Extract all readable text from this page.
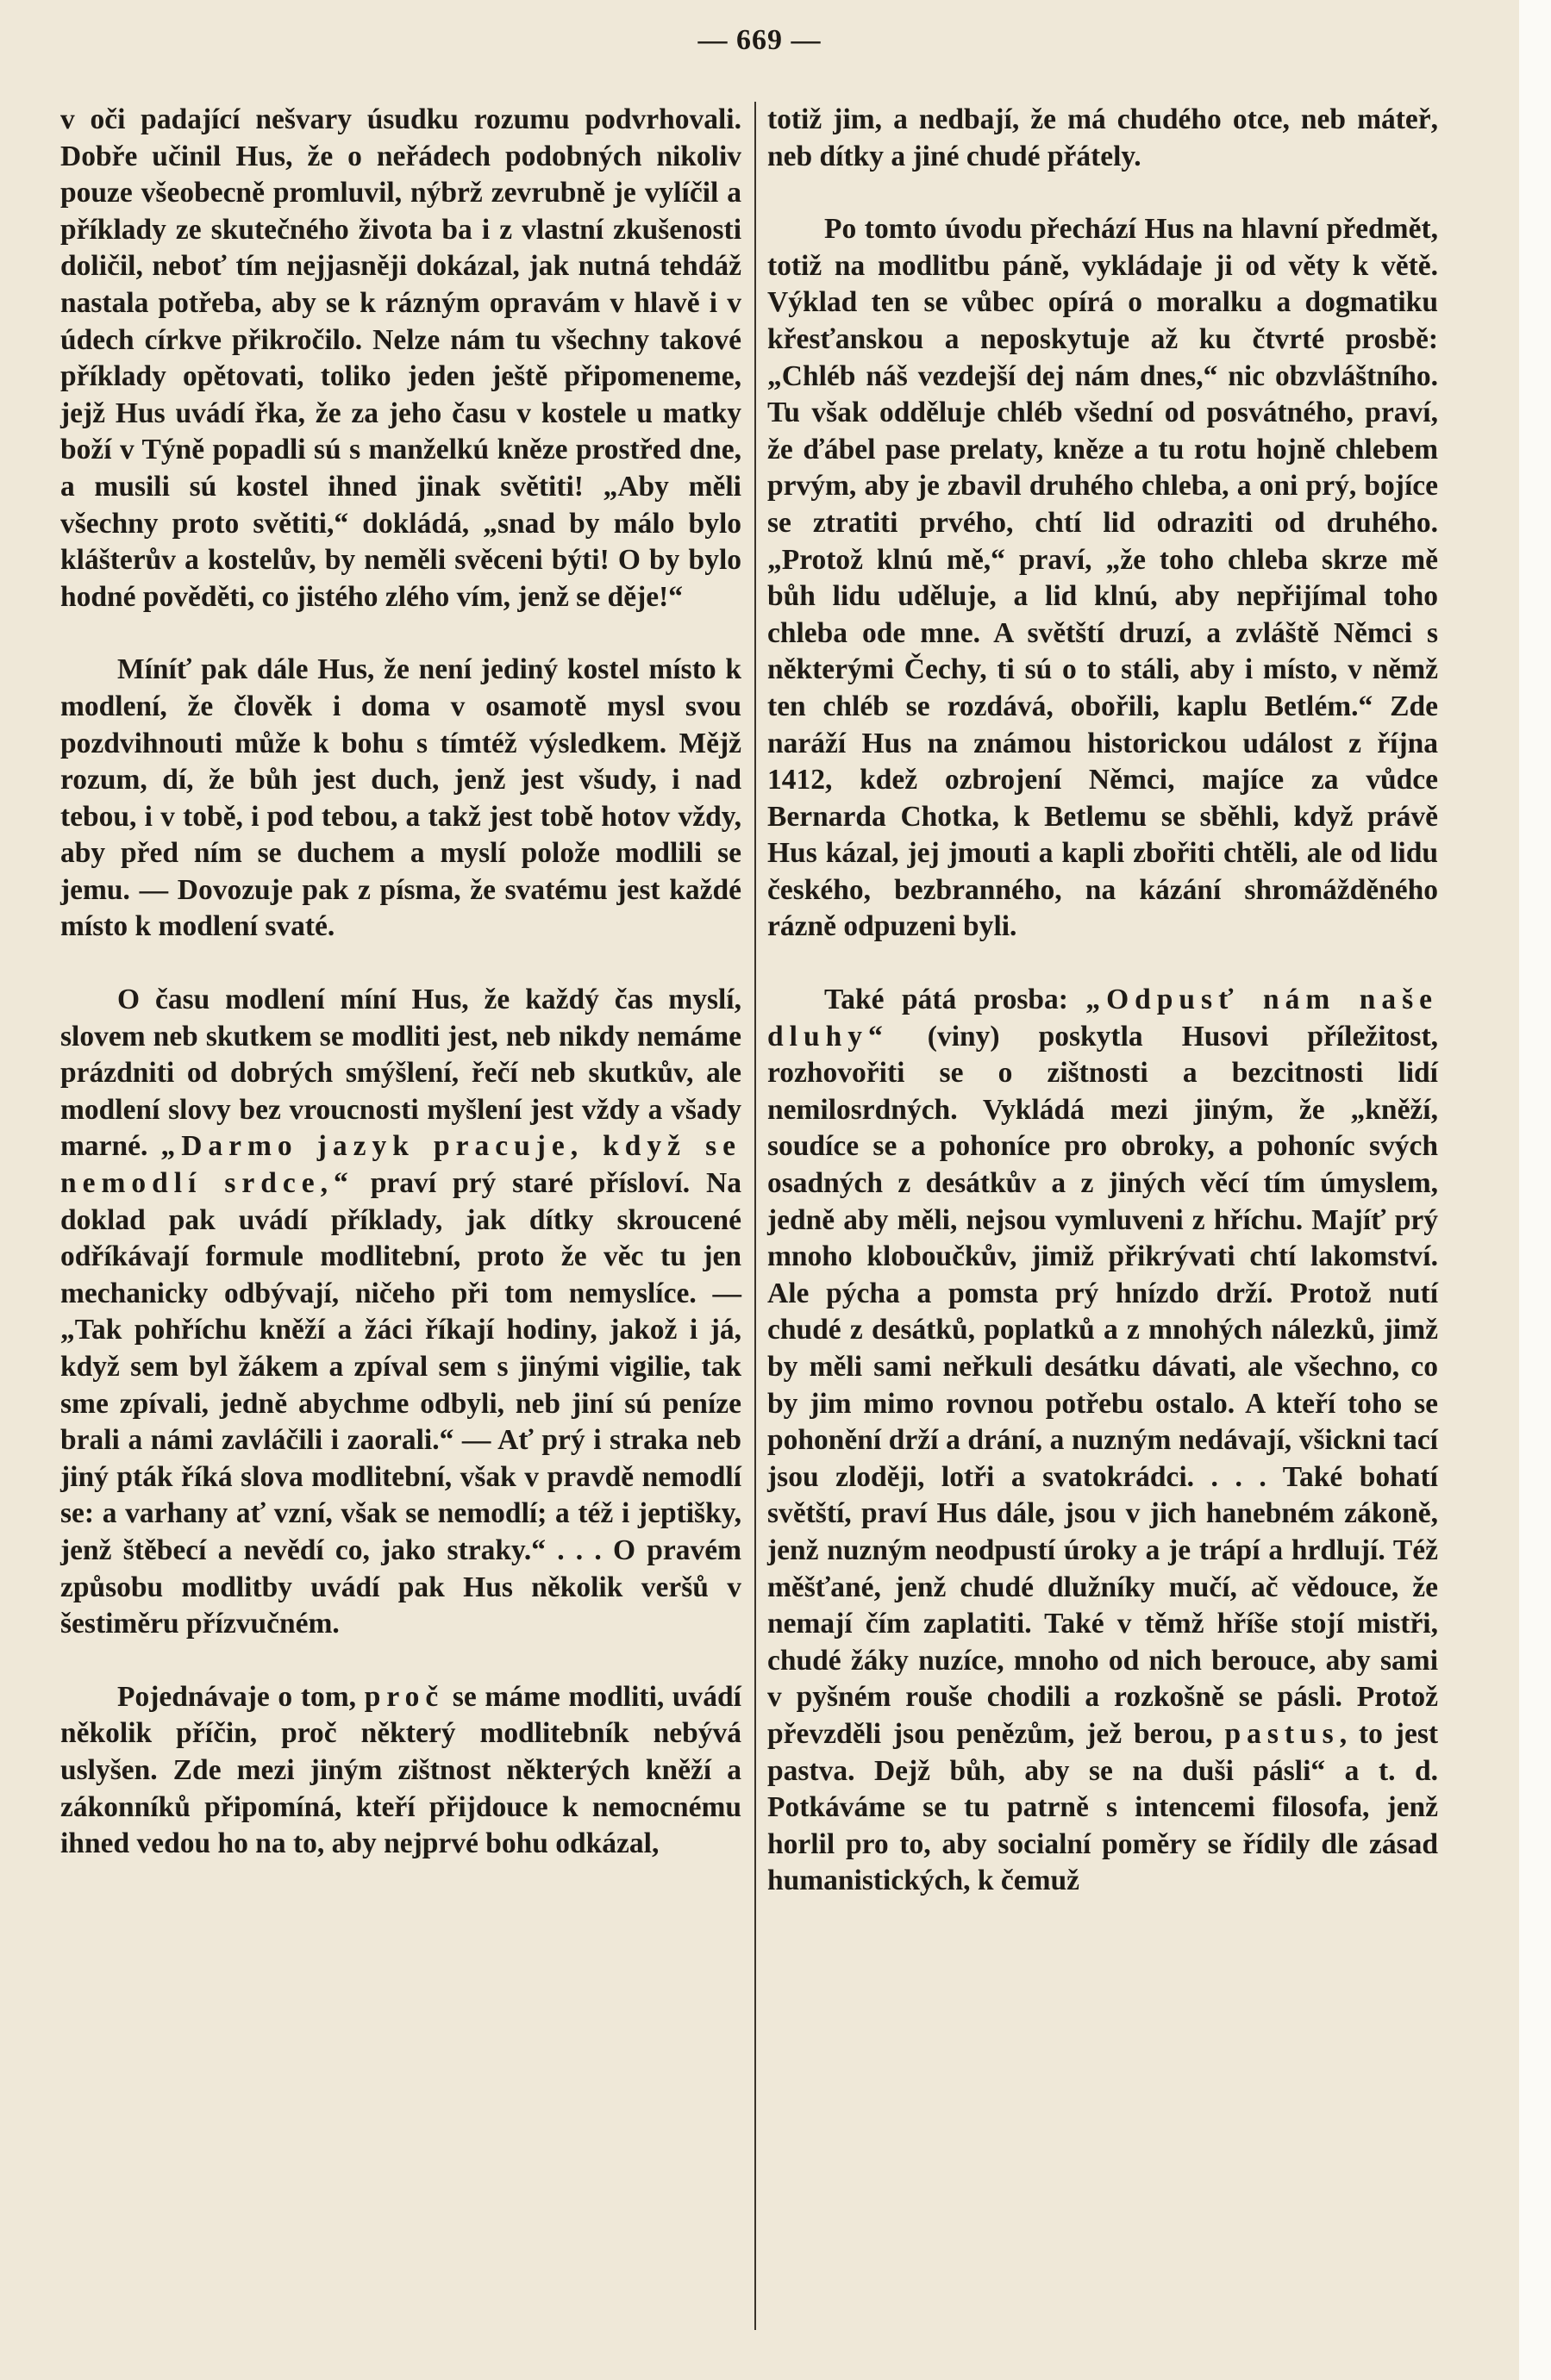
— 669 —

v oči padající nešvary úsudku rozumu podvrhovali. Dobře učinil Hus, že o neřádech podobných nikoliv pouze všeobecně promluvil, nýbrž zevrubně je vylíčil a příklady ze skutečného života ba i z vlastní zkušenosti doličil, neboť tím nejjasněji dokázal, jak nutná tehdáž nastala potřeba, aby se k rázným opravám v hlavě i v údech církve přikročilo. Nelze nám tu všechny takové příklady opětovati, toliko jeden ještě připomeneme, jejž Hus uvádí řka, že za jeho času v kostele u matky boží v Týně popadli sú s manželkú kněze prostřed dne, a musili sú kostel ihned jinak světiti! „Aby měli všechny proto světiti,“ dokládá, „snad by málo bylo klášterův a kostelův, by neměli svěceni býti! O by bylo hodné pověděti, co jistého zlého vím, jenž se děje!“

Míníť pak dále Hus, že není jediný kostel místo k modlení, že člověk i doma v osamotě mysl svou pozdvihnouti může k bohu s tímtéž výsledkem. Mějž rozum, dí, že bůh jest duch, jenž jest všudy, i nad tebou, i v tobě, i pod tebou, a takž jest tobě hotov vždy, aby před ním se duchem a myslí polože modlili se jemu. — Dovozuje pak z písma, že svatému jest každé místo k modlení svaté.

O času modlení míní Hus, že každý čas myslí, slovem neb skutkem se modliti jest, neb nikdy nemáme prázdniti od dobrých smýšlení, řečí neb skutkův, ale modlení slovy bez vroucnosti myšlení jest vždy a všady marné. „Darmo jazyk pracuje, když se nemodlí srdce,“ praví prý staré přísloví. Na doklad pak uvádí příklady, jak dítky skroucené odříkávají formule modlitební, proto že věc tu jen mechanicky odbývají, ničeho při tom nemyslíce. — „Tak pohříchu kněží a žáci říkají hodiny, jakož i já, když sem byl žákem a zpíval sem s jinými vigilie, tak sme zpívali, jedně abychme odbyli, neb jiní sú peníze brali a námi zavláčili i zaorali.“ — Ať prý i straka neb jiný pták říká slova modlitební, však v pravdě nemodlí se: a varhany ať vzní, však se nemodlí; a též i jeptišky, jenž štěbecí a nevědí co, jako straky.“ . . . O pravém způsobu modlitby uvádí pak Hus několik veršů v šestiměru přízvučném.

Pojednávaje o tom, proč se máme modliti, uvádí několik příčin, proč některý modlitebník nebývá uslyšen. Zde mezi jiným zištnost některých kněží a zákonníků připomíná, kteří přijdouce k nemocnému ihned vedou ho na to, aby nejprvé bohu odkázal,

totiž jim, a nedbají, že má chudého otce, neb máteř, neb dítky a jiné chudé přátely.

Po tomto úvodu přechází Hus na hlavní předmět, totiž na modlitbu páně, vykládaje ji od věty k větě. Výklad ten se vůbec opírá o moralku a dogmatiku křesťanskou a neposkytuje až ku čtvrté prosbě: „Chléb náš vezdejší dej nám dnes,“ nic obzvláštního. Tu však odděluje chléb všední od posvátného, praví, že ďábel pase prelaty, kněze a tu rotu hojně chlebem prvým, aby je zbavil druhého chleba, a oni prý, bojíce se ztratiti prvého, chtí lid odraziti od druhého. „Protož klnú mě,“ praví, „že toho chleba skrze mě bůh lidu uděluje, a lid klnú, aby nepřijímal toho chleba ode mne. A světští druzí, a zvláště Němci s některými Čechy, ti sú o to stáli, aby i místo, v němž ten chléb se rozdává, obořili, kaplu Betlém.“ Zde naráží Hus na známou historickou událost z října 1412, kdež ozbrojení Němci, majíce za vůdce Bernarda Chotka, k Betlemu se sběhli, když právě Hus kázal, jej jmouti a kapli zbořiti chtěli, ale od lidu českého, bezbranného, na kázání shromážděného rázně odpuzeni byli.

Také pátá prosba: „Odpusť nám naše dluhy“ (viny) poskytla Husovi příležitost, rozhovořiti se o zištnosti a bezcitnosti lidí nemilosrdných. Vykládá mezi jiným, že „kněží, soudíce se a pohoníce pro obroky, a pohoníc svých osadných z desátkův a z jiných věcí tím úmyslem, jedně aby měli, nejsou vymluveni z hříchu. Majíť prý mnoho kloboučkův, jimiž přikrývati chtí lakomství. Ale pýcha a pomsta prý hnízdo drží. Protož nutí chudé z desátků, poplatků a z mnohých nálezků, jimž by měli sami neřkuli desátku dávati, ale všechno, co by jim mimo rovnou potřebu ostalo. A kteří toho se pohonění drží a drání, a nuzným nedávají, všickni tací jsou zloději, lotři a svatokrádci. . . . Také bohatí světští, praví Hus dále, jsou v jich hanebném zákoně, jenž nuzným neodpustí úroky a je trápí a hrdlují. Též měšťané, jenž chudé dlužníky mučí, ač vědouce, že nemají čím zaplatiti. Také v těmž hříše stojí mistři, chudé žáky nuzíce, mnoho od nich berouce, aby sami v pyšném rouše chodili a rozkošně se pásli. Protož převzděli jsou penězům, jež berou, pastus, to jest pastva. Dejž bůh, aby se na duši pásli“ a t. d. Potkáváme se tu patrně s intencemi filosofa, jenž horlil pro to, aby socialní poměry se řídily dle zásad humanistických, k čemuž
